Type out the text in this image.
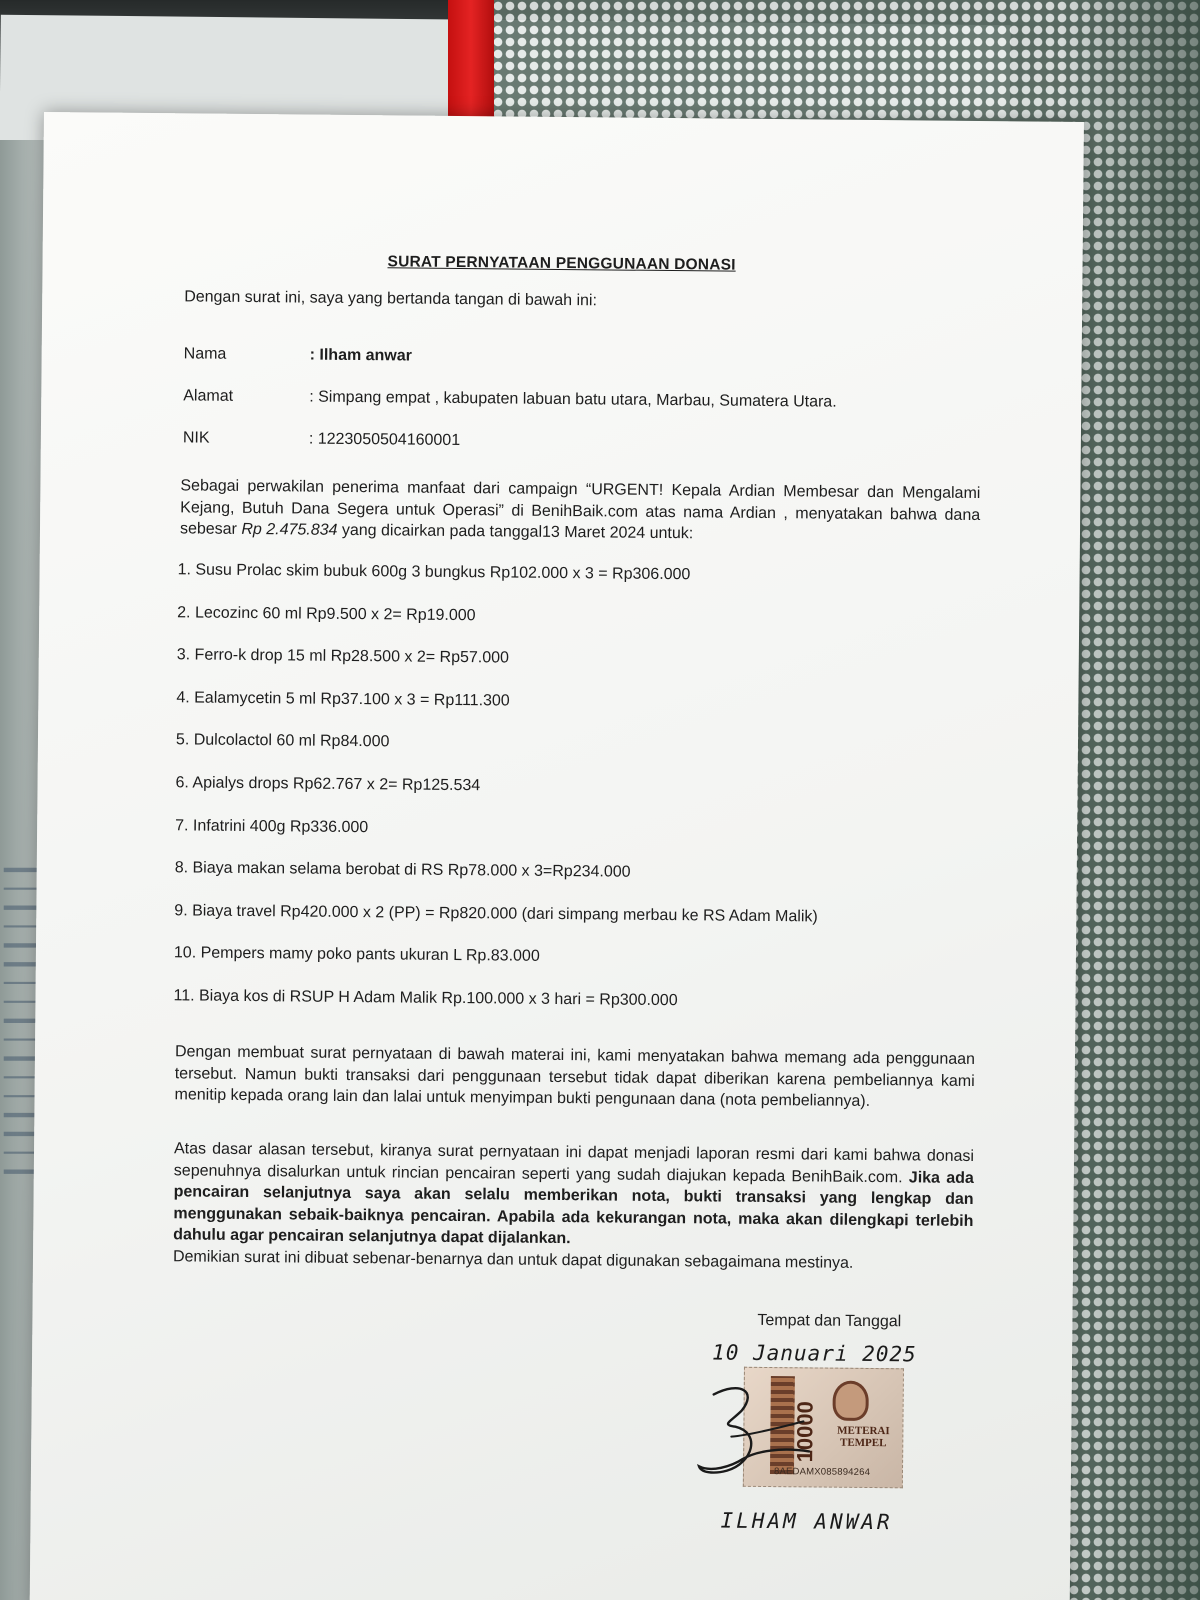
┃│┃┃││┃│┃││┃┃│┃│┃
SURAT PERNYATAAN PENGGUNAAN DONASI

Dengan surat ini, saya yang bertanda tangan di bawah ini:

Nama	: Ilham anwar
Alamat	: Simpang empat , kabupaten labuan batu utara, Marbau, Sumatera Utara.
NIK	: 1223050504160001

Sebagai perwakilan penerima manfaat dari campaign “URGENT! Kepala Ardian Membesar dan Mengalami Kejang, Butuh Dana Segera untuk Operasi” di BenihBaik.com atas nama Ardian , menyatakan bahwa dana sebesar Rp 2.475.834 yang dicairkan pada tanggal13 Maret 2024 untuk:

1. Susu Prolac skim bubuk 600g 3 bungkus Rp102.000 x 3 = Rp306.000
2. Lecozinc 60 ml Rp9.500 x 2= Rp19.000
3. Ferro-k drop 15 ml Rp28.500 x 2= Rp57.000
4. Ealamycetin 5 ml Rp37.100 x 3 = Rp111.300
5. Dulcolactol 60 ml Rp84.000
6. Apialys drops Rp62.767 x 2= Rp125.534
7. Infatrini 400g Rp336.000
8. Biaya makan selama berobat di RS Rp78.000 x 3=Rp234.000
9. Biaya travel Rp420.000 x 2 (PP) = Rp820.000 (dari simpang merbau ke RS Adam Malik)
10. Pempers mamy poko pants ukuran L Rp.83.000
11. Biaya kos di RSUP H Adam Malik Rp.100.000 x 3 hari = Rp300.000

Dengan membuat surat pernyataan di bawah materai ini, kami menyatakan bahwa memang ada penggunaan tersebut. Namun bukti transaksi dari penggunaan tersebut tidak dapat diberikan karena pembeliannya kami menitip kepada orang lain dan lalai untuk menyimpan bukti pengunaan dana (nota pembeliannya).

Atas dasar alasan tersebut, kiranya surat pernyataan ini dapat menjadi laporan resmi dari kami bahwa donasi sepenuhnya disalurkan untuk rincian pencairan seperti yang sudah diajukan kepada BenihBaik.com. Jika ada pencairan selanjutnya saya akan selalu memberikan nota, bukti transaksi yang lengkap dan menggunakan sebaik-baiknya pencairan. Apabila ada kekurangan nota, maka akan dilengkapi terlebih dahulu agar pencairan selanjutnya dapat dijalankan.
Demikian surat ini dibuat sebenar-benarnya dan untuk dapat digunakan sebagaimana mestinya.

Tempat dan Tanggal

10 Januari 2025
10000	METERAI TEMPEL
8AEDAMX085894264
ILHAM ANWAR
